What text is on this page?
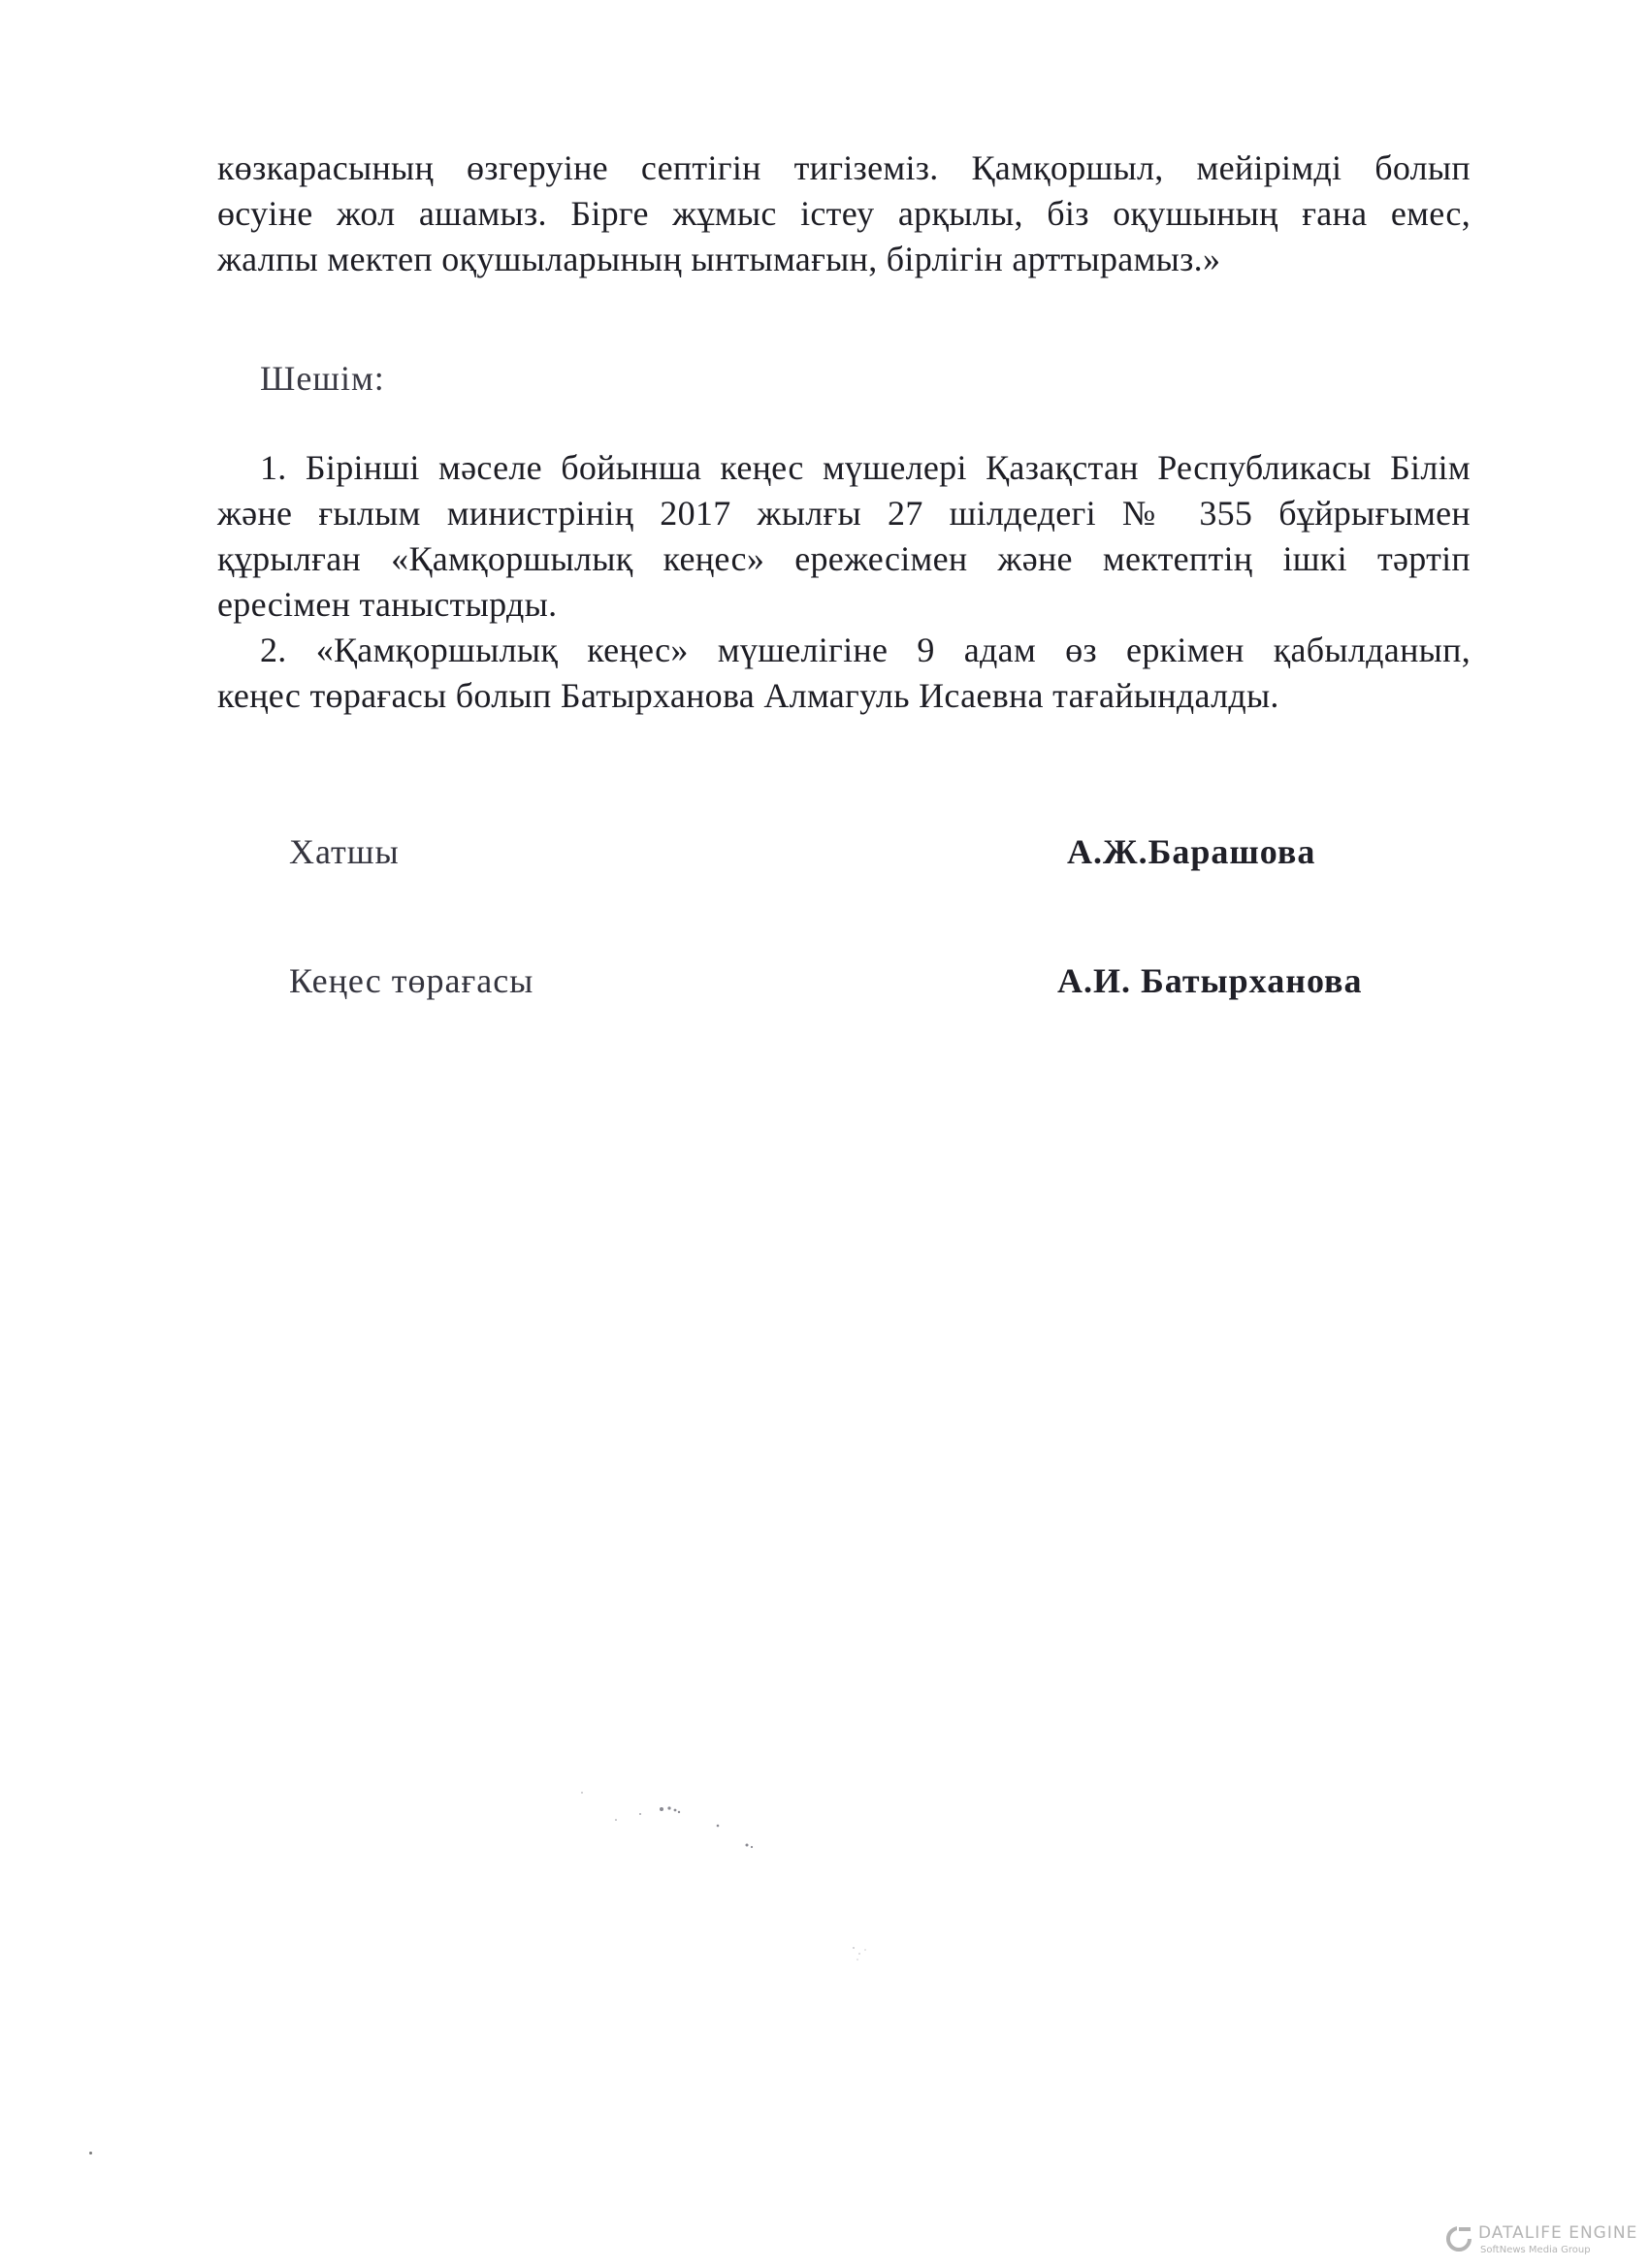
көзкарасының өзгеруіне септігін тигіземіз. Қамқоршыл, мейірімді болып
өсуіне жол ашамыз. Бірге жұмыс істеу арқылы, біз оқушының ғана емес,
жалпы мектеп оқушыларының ынтымағын, бірлігін арттырамыз.»
Шешім:
1. Бірінші мәселе бойынша кеңес мүшелері Қазақстан Республикасы Білім
және ғылым министрінің 2017 жылғы 27 шілдедегі № 355 бұйрығымен
құрылған «Қамқоршылық кеңес» ережесімен және мектептің ішкі тәртіп
ересімен таныстырды.
2. «Қамқоршылық кеңес» мүшелігіне 9 адам өз еркімен қабылданып,
кеңес төрағасы болып Батырханова Алмагуль Исаевна тағайындалды.
Хатшы	А.Ж.Барашова
Кеңес төрағасы	А.И. Батырханова
DATALIFE ENGINE
SoftNews Media Group
